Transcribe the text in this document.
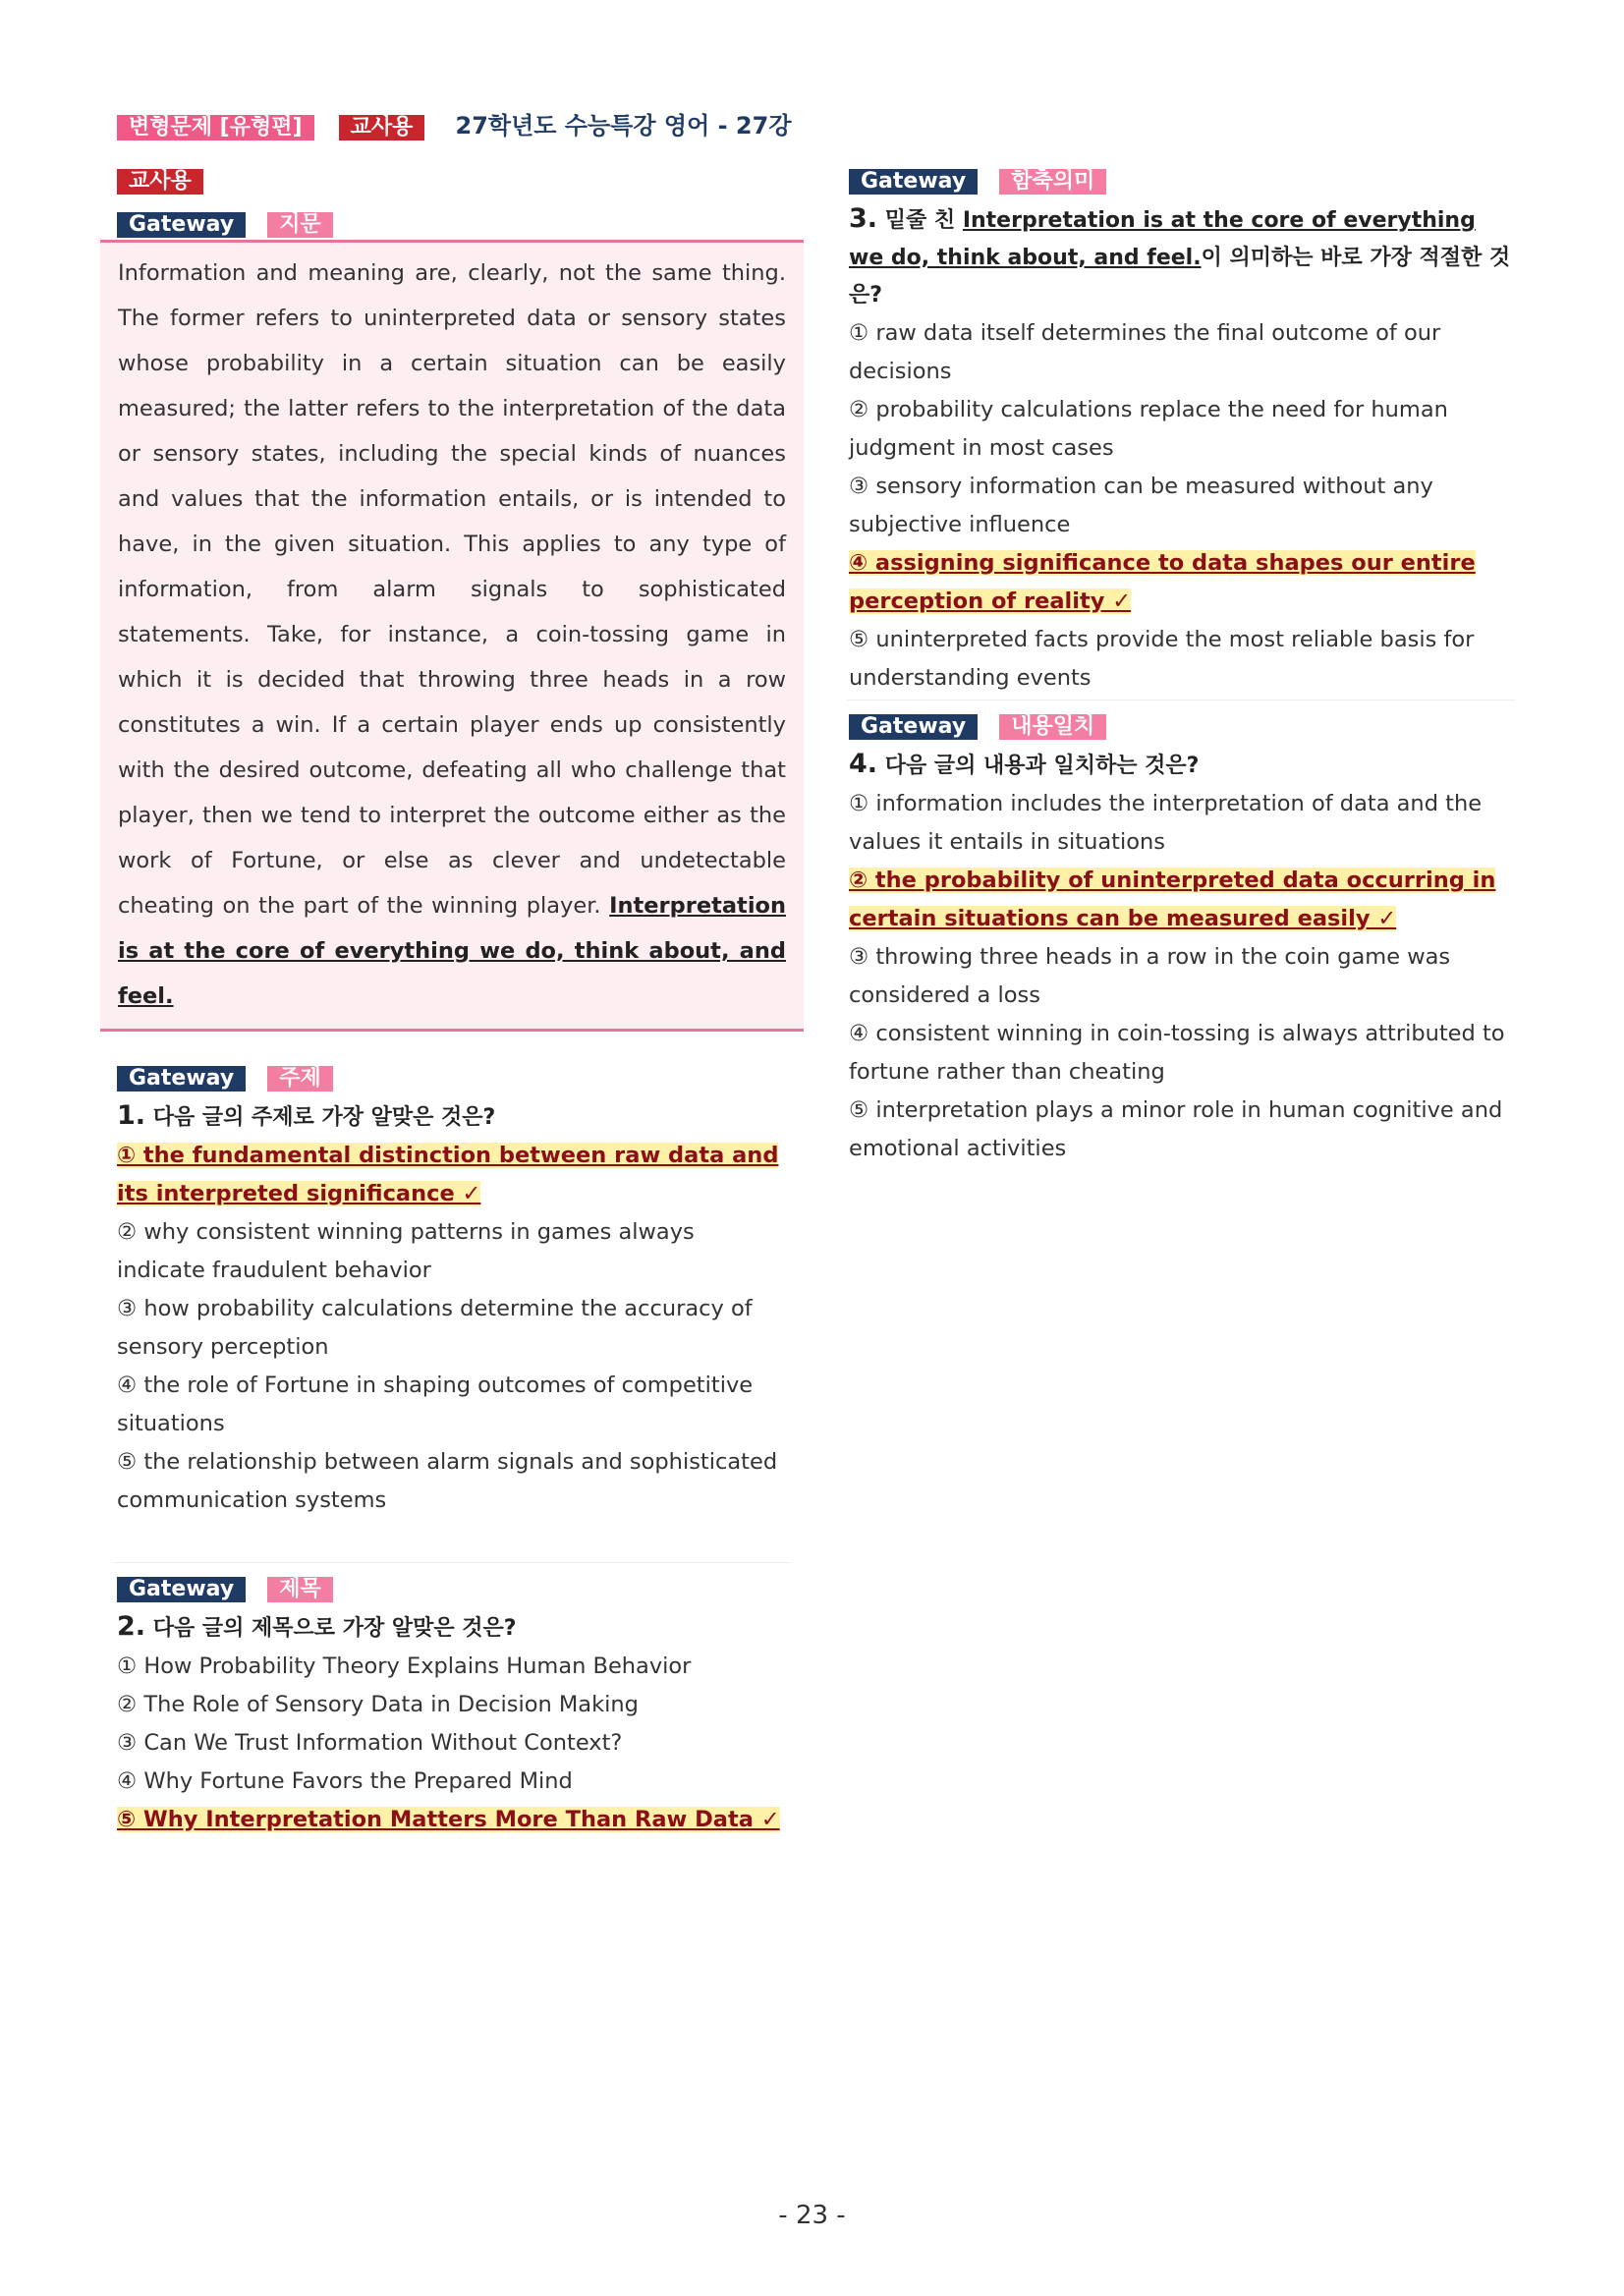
변형문제 [유형편] 교사용 27학년도 수능특강 영어 - 27강
교사용
Gateway 지문
Information and meaning are, clearly, not the same thing. The former refers to uninterpreted data or sensory states whose probability in a certain situation can be easily measured; the latter refers to the interpretation of the data or sensory states, including the special kinds of nuances and values that the information entails, or is intended to have, in the given situation. This applies to any type of information, from alarm signals to sophisticated statements. Take, for instance, a coin-tossing game in which it is decided that throwing three heads in a row constitutes a win. If a certain player ends up consistently with the desired outcome, defeating all who challenge that player, then we tend to interpret the outcome either as the work of Fortune, or else as clever and undetectable cheating on the part of the winning player. Interpretation is at the core of everything we do, think about, and feel.
Gateway 주제
1. 다음 글의 주제로 가장 알맞은 것은?
① the fundamental distinction between raw data and its interpreted significance ✓
② why consistent winning patterns in games always indicate fraudulent behavior
③ how probability calculations determine the accuracy of sensory perception
④ the role of Fortune in shaping outcomes of competitive situations
⑤ the relationship between alarm signals and sophisticated communication systems
Gateway 제목
2. 다음 글의 제목으로 가장 알맞은 것은?
① How Probability Theory Explains Human Behavior
② The Role of Sensory Data in Decision Making
③ Can We Trust Information Without Context?
④ Why Fortune Favors the Prepared Mind
⑤ Why Interpretation Matters More Than Raw Data ✓
Gateway 함축의미
3. 밑줄 친 Interpretation is at the core of everything we do, think about, and feel.이 의미하는 바로 가장 적절한 것은?
① raw data itself determines the final outcome of our decisions
② probability calculations replace the need for human judgment in most cases
③ sensory information can be measured without any subjective influence
④ assigning significance to data shapes our entire perception of reality ✓
⑤ uninterpreted facts provide the most reliable basis for understanding events
Gateway 내용일치
4. 다음 글의 내용과 일치하는 것은?
① information includes the interpretation of data and the values it entails in situations
② the probability of uninterpreted data occurring in certain situations can be measured easily ✓
③ throwing three heads in a row in the coin game was considered a loss
④ consistent winning in coin-tossing is always attributed to fortune rather than cheating
⑤ interpretation plays a minor role in human cognitive and emotional activities
- 23 -
